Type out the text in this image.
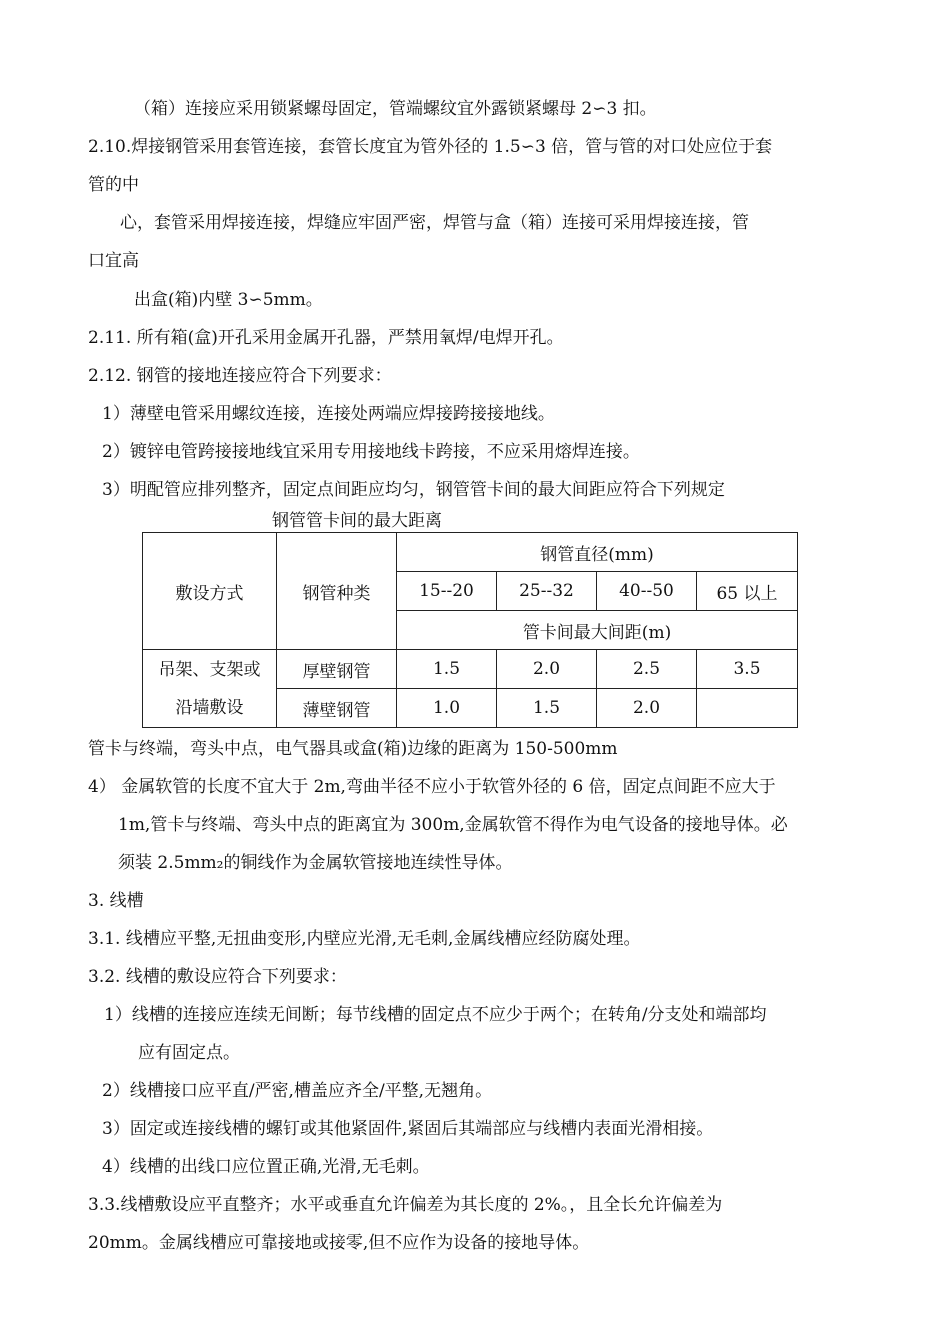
（箱）连接应采用锁紧螺母固定，管端螺纹宜外露锁紧螺母 2∽3 扣。
2.10.焊接钢管采用套管连接，套管长度宜为管外径的 1.5∽3 倍，管与管的对口处应位于套
管的中
心，套管采用焊接连接，焊缝应牢固严密，焊管与盒（箱）连接可采用焊接连接，管
口宜高
出盒(箱)内壁 3∽5mm。
2.11. 所有箱(盒)开孔采用金属开孔器，严禁用氧焊/电焊开孔。
2.12. 钢管的接地连接应符合下列要求：
1）薄壁电管采用螺纹连接，连接处两端应焊接跨接接地线。
2）镀锌电管跨接接地线宜采用专用接地线卡跨接，不应采用熔焊连接。
3）明配管应排列整齐，固定点间距应均匀，钢管管卡间的最大间距应符合下列规定
钢管管卡间的最大距离
敷设方式	钢管种类	钢管直径(mm)			
		15--20	25--32	40--50	65 以上
		管卡间最大间距(m)			

吊架、支架或
沿墙敷设	厚壁钢管	1.5	2.0	2.5	3.5
	薄壁钢管	1.0	1.5	2.0	
管卡与终端，弯头中点，电气器具或盒(箱)边缘的距离为 150-500mm
4） 金属软管的长度不宜大于 2m,弯曲半径不应小于软管外径的 6 倍，固定点间距不应大于
1m,管卡与终端、弯头中点的距离宜为 300m,金属软管不得作为电气设备的接地导体。必
须装 2.5mm₂的铜线作为金属软管接地连续性导体。
3. 线槽
3.1. 线槽应平整,无扭曲变形,内壁应光滑,无毛刺,金属线槽应经防腐处理。
3.2. 线槽的敷设应符合下列要求：
1）线槽的连接应连续无间断；每节线槽的固定点不应少于两个；在转角/分支处和端部均
应有固定点。
2）线槽接口应平直/严密,槽盖应齐全/平整,无翘角。
3）固定或连接线槽的螺钉或其他紧固件,紧固后其端部应与线槽内表面光滑相接。
4）线槽的出线口应位置正确,光滑,无毛刺。
3.3.线槽敷设应平直整齐；水平或垂直允许偏差为其长度的 2%。，且全长允许偏差为
20mm。金属线槽应可靠接地或接零,但不应作为设备的接地导体。
